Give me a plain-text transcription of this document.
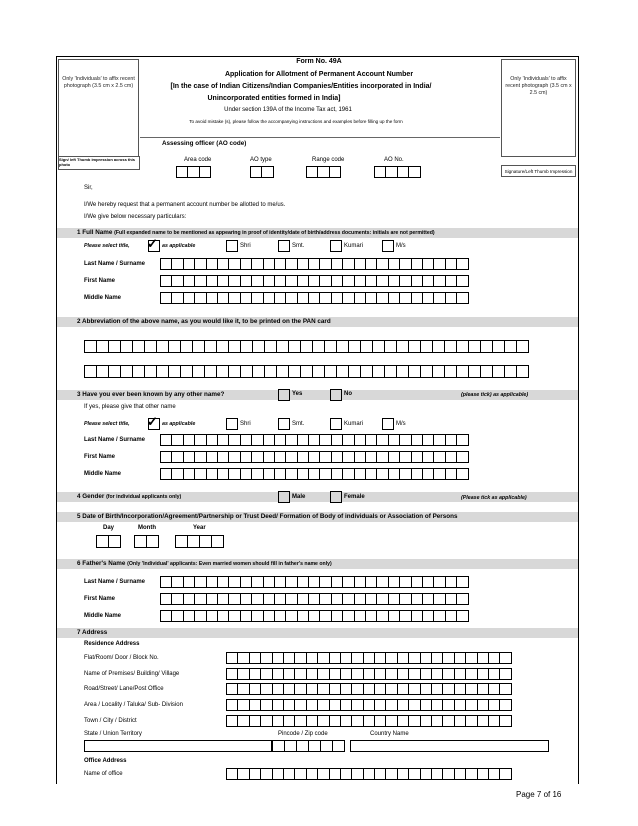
Only 'Individuals' to affix recent photograph (3.5 cm x 2.5 cm)
Only 'Individuals' to affix recent photograph (3.5 cm x 2.5 cm)
Form No. 49A
Application for Allotment of Permanent Account Number
[In the case of Indian Citizens/Indian Companies/Entities incorporated in India/
Unincorporated entities formed in India]
Under section 139A of the Income Tax act, 1961
To avoid mistake (s), please follow the accompanying instructions and examples before filling up the form
Assessing officer (AO code)
Sign/ left Thumb impression across this photo
Area code	AO type	Range code	AO No.
Signature/Left Thumb Impression
Sir,
I/We hereby request that a permanent account number be allotted to me/us.
I/We give below necessary particulars:
1 Full Name (Full expanded name to be mentioned as appearing in proof of identity/date of birth/address documents: initials are not permitted)
Please select title, ✓ as applicable	Shri	Smt.	Kumari	M/s
Last Name / Surname
First Name
Middle Name
2 Abbreviation of the above name, as you would like it, to be printed on the PAN card
3 Have you ever been known by any other name?	Yes	No	(please tick) as applicable)
If yes, please give that other name
Please select title, ✓ as applicable	Shri	Smt.	Kumari	M/s
Last Name / Surname
First Name
Middle Name
4 Gender (for individual applicants only)	Male	Female	(Please tick as applicable)
5 Date of Birth/Incorporation/Agreement/Partnership or Trust Deed/ Formation of Body of individuals or Association of Persons
Day	Month	Year
6 Father's Name (Only 'Individual' applicants: Even married women should fill in father's name only)
Last Name / Surname
First Name
Middle Name
7 Address
Residence Address
Flat/Room/ Door / Block No.
Name of Premises/ Building/ Village
Road/Street/ Lane/Post Office
Area / Locality / Taluka/ Sub- Division
Town / City / District
State / Union Territory	Pincode / Zip code	Country Name
Office Address
Name of office
Page 7 of 16
